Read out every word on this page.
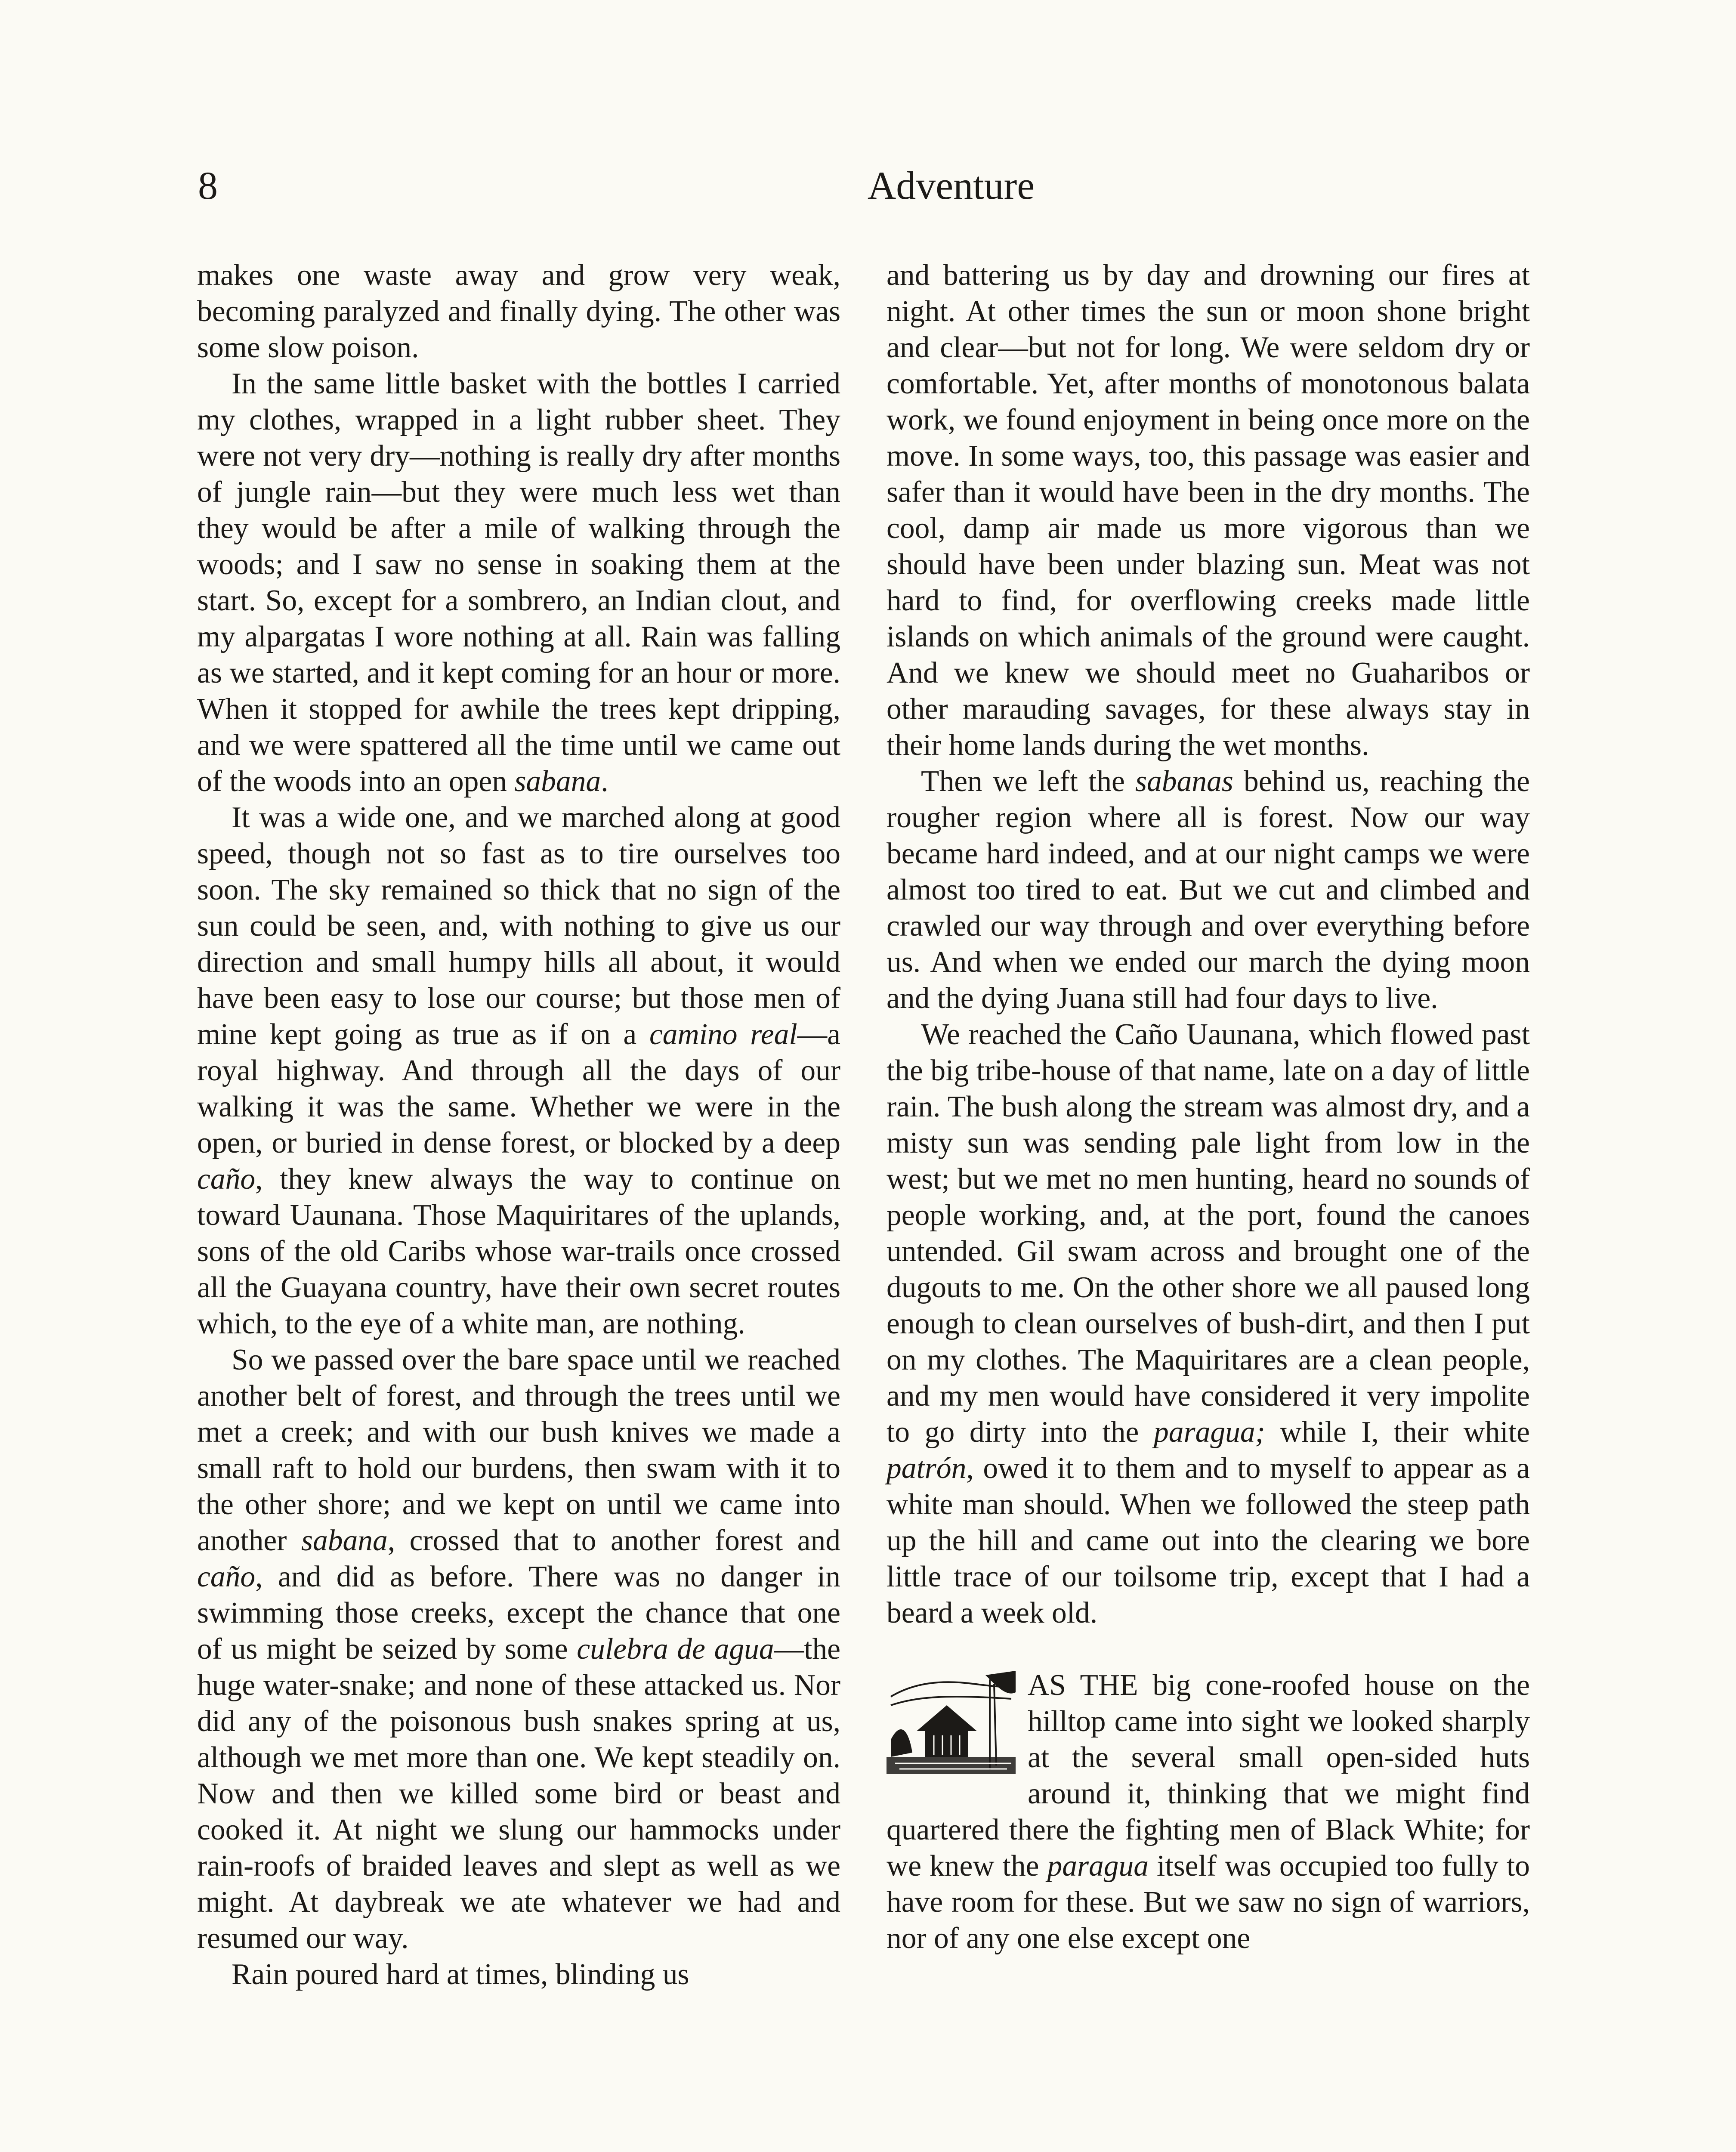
8	Adventure

makes one waste away and grow very weak, becoming paralyzed and finally dying. The other was some slow poison.

In the same little basket with the bottles I carried my clothes, wrapped in a light rubber sheet. They were not very dry—nothing is really dry after months of jungle rain—but they were much less wet than they would be after a mile of walking through the woods; and I saw no sense in soaking them at the start. So, except for a sombrero, an Indian clout, and my alpargatas I wore nothing at all. Rain was falling as we started, and it kept coming for an hour or more. When it stopped for awhile the trees kept dripping, and we were spattered all the time until we came out of the woods into an open sabana.

It was a wide one, and we marched along at good speed, though not so fast as to tire ourselves too soon. The sky remained so thick that no sign of the sun could be seen, and, with nothing to give us our direction and small humpy hills all about, it would have been easy to lose our course; but those men of mine kept going as true as if on a camino real—a royal highway. And through all the days of our walking it was the same. Whether we were in the open, or buried in dense forest, or blocked by a deep caño, they knew always the way to continue on toward Uaunana. Those Maquiritares of the uplands, sons of the old Caribs whose war-trails once crossed all the Guayana country, have their own secret routes which, to the eye of a white man, are nothing.

So we passed over the bare space until we reached another belt of forest, and through the trees until we met a creek; and with our bush knives we made a small raft to hold our burdens, then swam with it to the other shore; and we kept on until we came into another sabana, crossed that to another forest and caño, and did as before. There was no danger in swimming those creeks, except the chance that one of us might be seized by some culebra de agua—the huge water-snake; and none of these attacked us. Nor did any of the poisonous bush snakes spring at us, although we met more than one. We kept steadily on. Now and then we killed some bird or beast and cooked it. At night we slung our hammocks under rain-roofs of braided leaves and slept as well as we might. At daybreak we ate whatever we had and resumed our way.

Rain poured hard at times, blinding us

and battering us by day and drowning our fires at night. At other times the sun or moon shone bright and clear—but not for long. We were seldom dry or comfortable. Yet, after months of monotonous balata work, we found enjoyment in being once more on the move. In some ways, too, this passage was easier and safer than it would have been in the dry months. The cool, damp air made us more vigorous than we should have been under blazing sun. Meat was not hard to find, for overflowing creeks made little islands on which animals of the ground were caught. And we knew we should meet no Guaharibos or other marauding savages, for these always stay in their home lands during the wet months.

Then we left the sabanas behind us, reaching the rougher region where all is forest. Now our way became hard indeed, and at our night camps we were almost too tired to eat. But we cut and climbed and crawled our way through and over everything before us. And when we ended our march the dying moon and the dying Juana still had four days to live.

We reached the Caño Uaunana, which flowed past the big tribe-house of that name, late on a day of little rain. The bush along the stream was almost dry, and a misty sun was sending pale light from low in the west; but we met no men hunting, heard no sounds of people working, and, at the port, found the canoes untended. Gil swam across and brought one of the dugouts to me. On the other shore we all paused long enough to clean ourselves of bush-dirt, and then I put on my clothes. The Maquiritares are a clean people, and my men would have considered it very impolite to go dirty into the paragua; while I, their white patrón, owed it to them and to myself to appear as a white man should. When we followed the steep path up the hill and came out into the clearing we bore little trace of our toilsome trip, except that I had a beard a week old.

AS THE big cone-roofed house on the hilltop came into sight we looked sharply at the several small open-sided huts around it, thinking that we might find quartered there the fighting men of Black White; for we knew the paragua itself was occupied too fully to have room for these. But we saw no sign of warriors, nor of any one else except one
